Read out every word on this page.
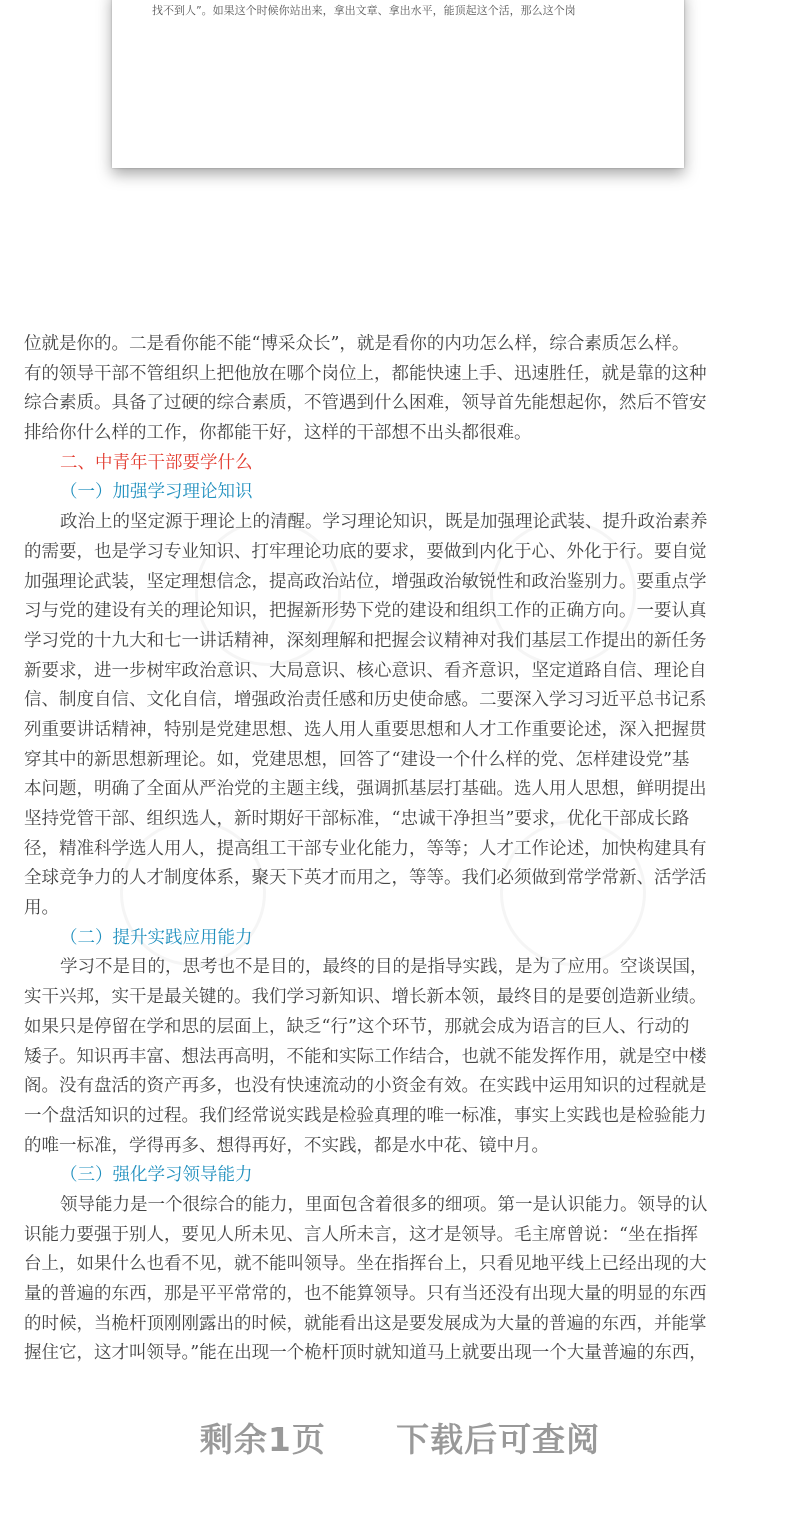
找不到人”。如果这个时候你站出来，拿出文章、拿出水平，能顶起这个活，那么这个岗
位就是你的。二是看你能不能“博采众长”，就是看你的内功怎么样，综合素质怎么样。
有的领导干部不管组织上把他放在哪个岗位上，都能快速上手、迅速胜任，就是靠的这种
综合素质。具备了过硬的综合素质，不管遇到什么困难，领导首先能想起你，然后不管安
排给你什么样的工作，你都能干好，这样的干部想不出头都很难。
二、中青年干部要学什么
（一）加强学习理论知识
政治上的坚定源于理论上的清醒。学习理论知识，既是加强理论武装、提升政治素养
的需要，也是学习专业知识、打牢理论功底的要求，要做到内化于心、外化于行。要自觉
加强理论武装，坚定理想信念，提高政治站位，增强政治敏锐性和政治鉴别力。要重点学
习与党的建设有关的理论知识，把握新形势下党的建设和组织工作的正确方向。一要认真
学习党的十九大和七一讲话精神，深刻理解和把握会议精神对我们基层工作提出的新任务
新要求，进一步树牢政治意识、大局意识、核心意识、看齐意识，坚定道路自信、理论自
信、制度自信、文化自信，增强政治责任感和历史使命感。二要深入学习习近平总书记系
列重要讲话精神，特别是党建思想、选人用人重要思想和人才工作重要论述，深入把握贯
穿其中的新思想新理论。如，党建思想，回答了“建设一个什么样的党、怎样建设党”基
本问题，明确了全面从严治党的主题主线，强调抓基层打基础。选人用人思想，鲜明提出
坚持党管干部、组织选人，新时期好干部标准，“忠诚干净担当”要求，优化干部成长路
径，精准科学选人用人，提高组工干部专业化能力，等等；人才工作论述，加快构建具有
全球竞争力的人才制度体系，聚天下英才而用之，等等。我们必须做到常学常新、活学活
用。
（二）提升实践应用能力
学习不是目的，思考也不是目的，最终的目的是指导实践，是为了应用。空谈误国，
实干兴邦，实干是最关键的。我们学习新知识、增长新本领，最终目的是要创造新业绩。
如果只是停留在学和思的层面上，缺乏“行”这个环节，那就会成为语言的巨人、行动的
矮子。知识再丰富、想法再高明，不能和实际工作结合，也就不能发挥作用，就是空中楼
阁。没有盘活的资产再多，也没有快速流动的小资金有效。在实践中运用知识的过程就是
一个盘活知识的过程。我们经常说实践是检验真理的唯一标准，事实上实践也是检验能力
的唯一标准，学得再多、想得再好，不实践，都是水中花、镜中月。
（三）强化学习领导能力
领导能力是一个很综合的能力，里面包含着很多的细项。第一是认识能力。领导的认
识能力要强于别人，要见人所未见、言人所未言，这才是领导。毛主席曾说：“坐在指挥
台上，如果什么也看不见，就不能叫领导。坐在指挥台上，只看见地平线上已经出现的大
量的普遍的东西，那是平平常常的，也不能算领导。只有当还没有出现大量的明显的东西
的时候，当桅杆顶刚刚露出的时候，就能看出这是要发展成为大量的普遍的东西，并能掌
握住它，这才叫领导。”能在出现一个桅杆顶时就知道马上就要出现一个大量普遍的东西，
剩余1页 下载后可查阅
